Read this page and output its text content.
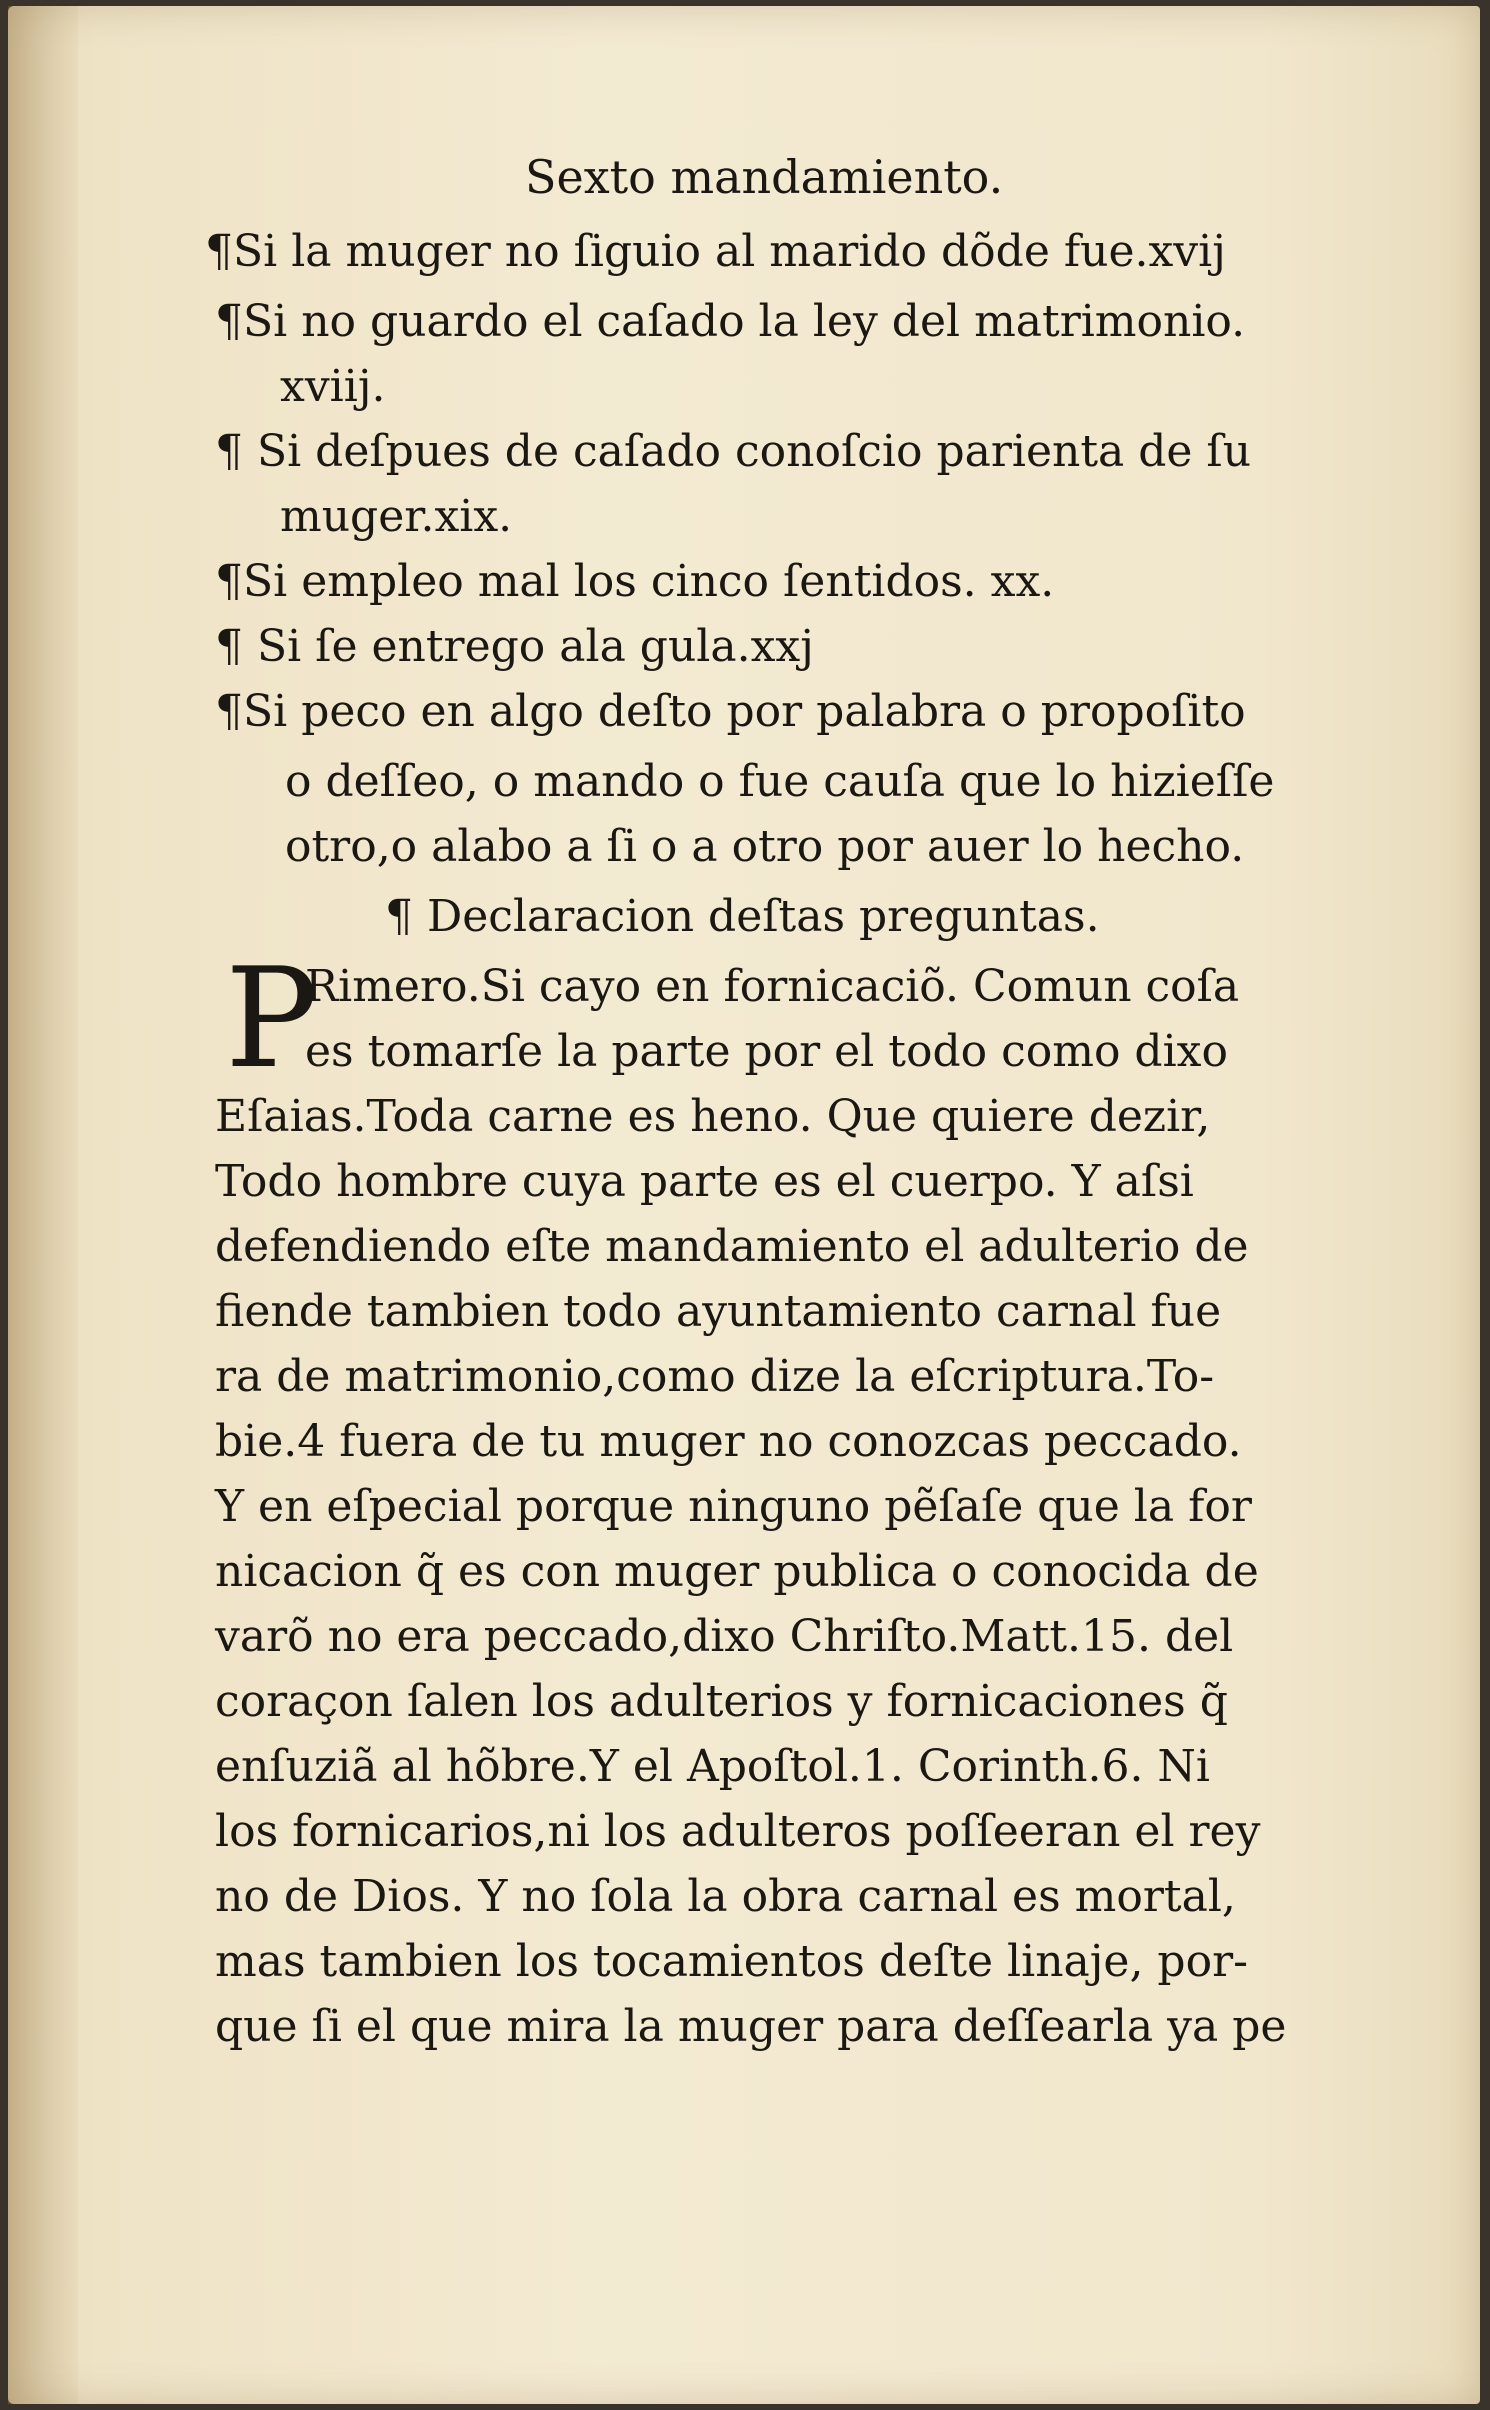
Sexto mandamiento.
¶Si la muger no ſiguio al marido dõde fue.xvij
¶Si no guardo el caſado la ley del matrimonio.
xviij.
¶ Si deſpues de caſado conoſcio parienta de ſu
muger.xix.
¶Si empleo mal los cinco ſentidos. xx.
¶ Si ſe entrego ala gula.xxj
¶Si peco en algo deſto por palabra o propoſito
o deſſeo, o mando o fue cauſa que lo hizieſſe
otro,o alabo a ſi o a otro por auer lo hecho.
¶ Declaracion deſtas preguntas.
P
Rimero.Si cayo en fornicaciõ. Comun coſa
es tomarſe la parte por el todo como dixo
Eſaias.Toda carne es heno. Que quiere dezir,
Todo hombre cuya parte es el cuerpo. Y aſsi
defendiendo eſte mandamiento el adulterio de
fiende tambien todo ayuntamiento carnal fue
ra de matrimonio,como dize la eſcriptura.To-
bie.4 fuera de tu muger no conozcas peccado.
Y en eſpecial porque ninguno pẽſaſe que la for
nicacion q̃ es con muger publica o conocida de
varõ no era peccado,dixo Chriſto.Matt.15. del
coraçon ſalen los adulterios y fornicaciones q̃
enſuziã al hõbre.Y el Apoſtol.1. Corinth.6. Ni
los fornicarios,ni los adulteros poſſeeran el rey
no de Dios. Y no ſola la obra carnal es mortal,
mas tambien los tocamientos deſte linaje, por-
que ſi el que mira la muger para deſſearla ya pe
